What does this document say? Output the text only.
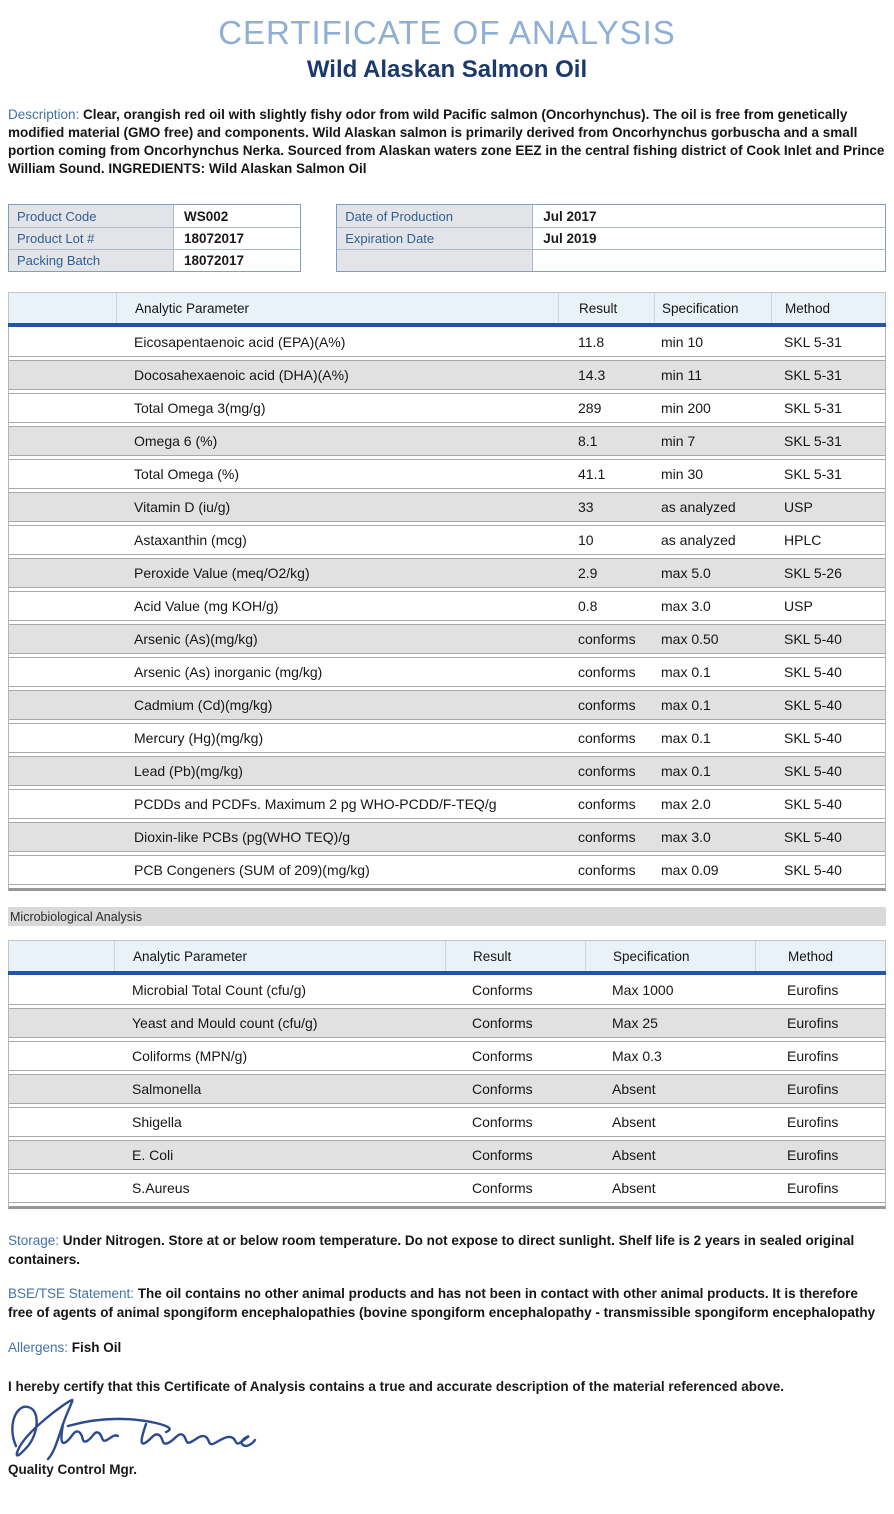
CERTIFICATE OF ANALYSIS
Wild Alaskan Salmon Oil
Description: Clear, orangish red oil with slightly fishy odor from wild Pacific salmon (Oncorhynchus). The oil is free from genetically modified material (GMO free) and components. Wild Alaskan salmon is primarily derived from Oncorhynchus gorbuscha and a small portion coming from Oncorhynchus Nerka. Sourced from Alaskan waters zone EEZ in the central fishing district of Cook Inlet and Prince William Sound. INGREDIENTS: Wild Alaskan Salmon Oil
Product Code	WS002
Product Lot #	18072017
Packing Batch	18072017
Date of Production	Jul 2017
Expiration Date	Jul 2019
Analytic Parameter	Result	Specification	Method
Eicosapentaenoic acid (EPA)(A%)	11.8	min 10	SKL 5-31
Docosahexaenoic acid (DHA)(A%)	14.3	min 11	SKL 5-31
Total Omega 3(mg/g)	289	min 200	SKL 5-31
Omega 6 (%)	8.1	min 7	SKL 5-31
Total Omega (%)	41.1	min 30	SKL 5-31
Vitamin D (iu/g)	33	as analyzed	USP
Astaxanthin (mcg)	10	as analyzed	HPLC
Peroxide Value (meq/O2/kg)	2.9	max 5.0	SKL 5-26
Acid Value (mg KOH/g)	0.8	max 3.0	USP
Arsenic (As)(mg/kg)	conforms	max 0.50	SKL 5-40
Arsenic (As) inorganic (mg/kg)	conforms	max 0.1	SKL 5-40
Cadmium (Cd)(mg/kg)	conforms	max 0.1	SKL 5-40
Mercury (Hg)(mg/kg)	conforms	max 0.1	SKL 5-40
Lead (Pb)(mg/kg)	conforms	max 0.1	SKL 5-40
PCDDs and PCDFs. Maximum 2 pg WHO-PCDD/F-TEQ/g	conforms	max 2.0	SKL 5-40
Dioxin-like PCBs (pg(WHO TEQ)/g	conforms	max 3.0	SKL 5-40
PCB Congeners (SUM of 209)(mg/kg)	conforms	max 0.09	SKL 5-40
Microbiological Analysis
Analytic Parameter	Result	Specification	Method
Microbial Total Count (cfu/g)	Conforms	Max 1000	Eurofins
Yeast and Mould count (cfu/g)	Conforms	Max 25	Eurofins
Coliforms (MPN/g)	Conforms	Max 0.3	Eurofins
Salmonella	Conforms	Absent	Eurofins
Shigella	Conforms	Absent	Eurofins
E. Coli	Conforms	Absent	Eurofins
S.Aureus	Conforms	Absent	Eurofins
Storage: Under Nitrogen. Store at or below room temperature. Do not expose to direct sunlight. Shelf life is 2 years in sealed original containers.
BSE/TSE Statement: The oil contains no other animal products and has not been in contact with other animal products. It is therefore free of agents of animal spongiform encephalopathies (bovine spongiform encephalopathy - transmissible spongiform encephalopathy
Allergens: Fish Oil
I hereby certify that this Certificate of Analysis contains a true and accurate description of the material referenced above.
Quality Control Mgr.
